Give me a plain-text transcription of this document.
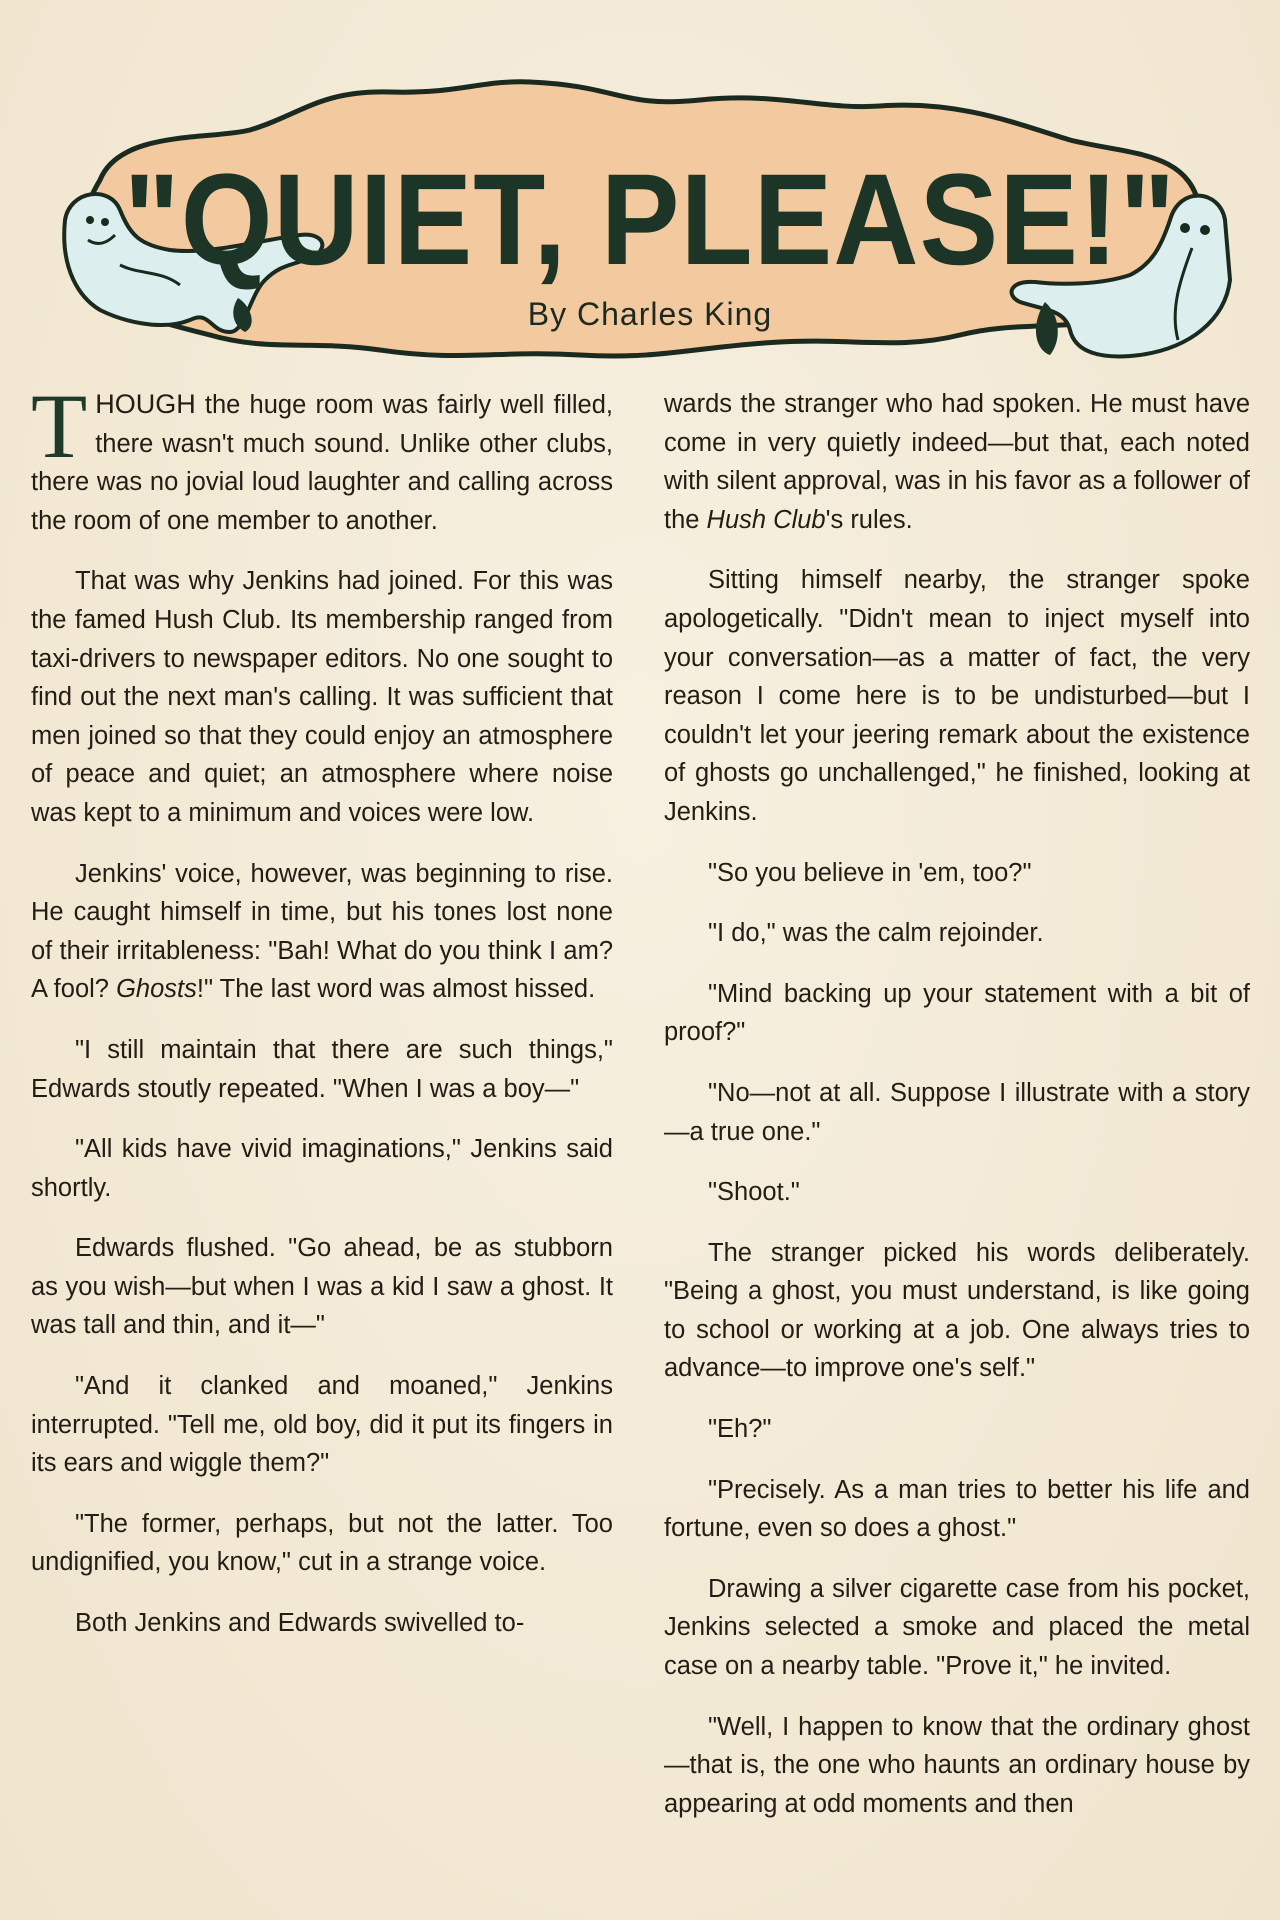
"QUIET, PLEASE!"
By Charles King

THOUGH the huge room was fairly well filled, there wasn't much sound. Unlike other clubs, there was no jovial loud laughter and calling across the room of one member to another.

That was why Jenkins had joined. For this was the famed Hush Club. Its membership ranged from taxi-drivers to newspaper editors. No one sought to find out the next man's calling. It was sufficient that men joined so that they could enjoy an atmosphere of peace and quiet; an atmosphere where noise was kept to a minimum and voices were low.

Jenkins' voice, however, was beginning to rise. He caught himself in time, but his tones lost none of their irritableness: "Bah! What do you think I am? A fool? Ghosts!" The last word was almost hissed.

"I still maintain that there are such things," Edwards stoutly repeated. "When I was a boy—"

"All kids have vivid imaginations," Jenkins said shortly.

Edwards flushed. "Go ahead, be as stubborn as you wish—but when I was a kid I saw a ghost. It was tall and thin, and it—"

"And it clanked and moaned," Jenkins interrupted. "Tell me, old boy, did it put its fingers in its ears and wiggle them?"

"The former, perhaps, but not the latter. Too undignified, you know," cut in a strange voice.

Both Jenkins and Edwards swivelled to-

wards the stranger who had spoken. He must have come in very quietly indeed—but that, each noted with silent approval, was in his favor as a follower of the Hush Club's rules.

Sitting himself nearby, the stranger spoke apologetically. "Didn't mean to inject myself into your conversation—as a matter of fact, the very reason I come here is to be undisturbed—but I couldn't let your jeering remark about the existence of ghosts go unchallenged," he finished, looking at Jenkins.

"So you believe in 'em, too?"

"I do," was the calm rejoinder.

"Mind backing up your statement with a bit of proof?"

"No—not at all. Suppose I illustrate with a story—a true one."

"Shoot."

The stranger picked his words deliberately. "Being a ghost, you must understand, is like going to school or working at a job. One always tries to advance—to improve one's self."

"Eh?"

"Precisely. As a man tries to better his life and fortune, even so does a ghost."

Drawing a silver cigarette case from his pocket, Jenkins selected a smoke and placed the metal case on a nearby table. "Prove it," he invited.

"Well, I happen to know that the ordinary ghost—that is, the one who haunts an ordinary house by appearing at odd moments and then
